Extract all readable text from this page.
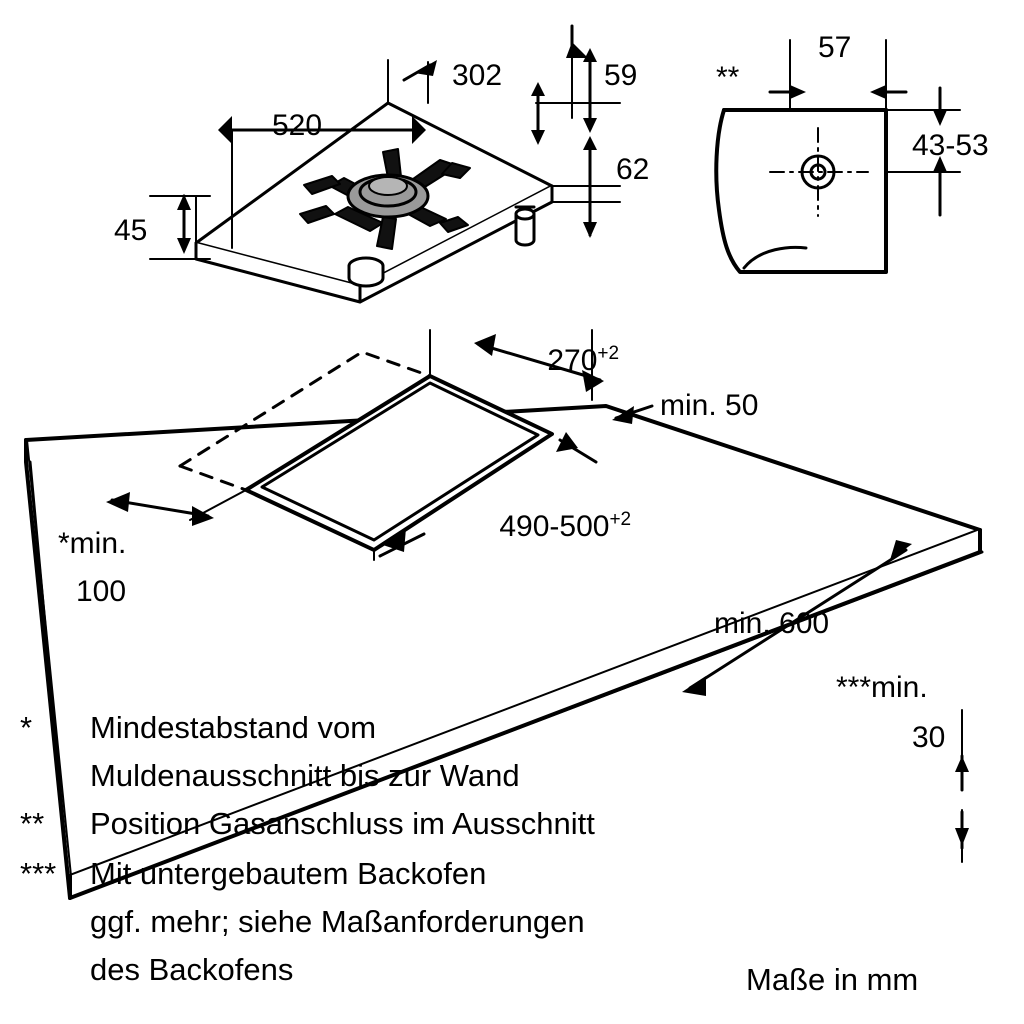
302
520
59
62
45
**
57
43-53

$270^{+2}$

min. 50

$490-500^{+2}$

*min.
100
min. 600
***min.
30
* Mindestabstand vom
Muldenausschnitt bis zur Wand
** Position Gasanschluss im Ausschnitt
*** Mit untergebautem Backofen
ggf. mehr; siehe Maßanforderungen
des Backofens	Maße in mm
